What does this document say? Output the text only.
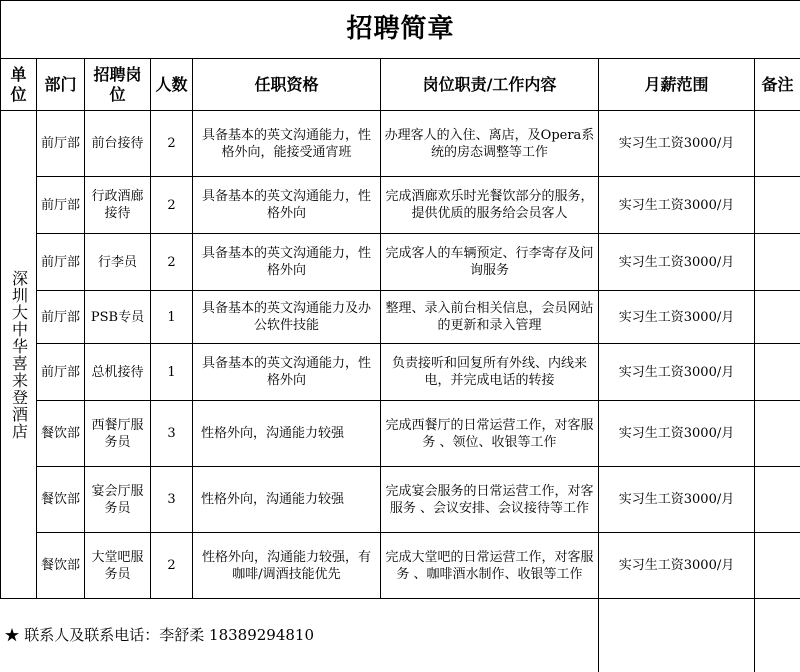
招聘简章							
单位	部门	招聘岗位	人数	任职资格	岗位职责/工作内容	月薪范围	备注
深圳大中华喜来登酒店	前厅部	前台接待	2	具备基本的英文沟通能力，性格外向，能接受通宵班	办理客人的入住、离店，及Opera系统的房态调整等工作	实习生工资3000/月	
	前厅部	行政酒廊接待	2	具备基本的英文沟通能力，性格外向	完成酒廊欢乐时光餐饮部分的服务，提供优质的服务给会员客人	实习生工资3000/月	
	前厅部	行李员	2	具备基本的英文沟通能力，性格外向	完成客人的车辆预定、行李寄存及问询服务	实习生工资3000/月	
	前厅部	PSB专员	1	具备基本的英文沟通能力及办公软件技能	整理、录入前台相关信息，会员网站的更新和录入管理	实习生工资3000/月	
	前厅部	总机接待	1	具备基本的英文沟通能力，性格外向	负责接听和回复所有外线、内线来电，并完成电话的转接	实习生工资3000/月	
	餐饮部	西餐厅服务员	3	性格外向，沟通能力较强	完成西餐厅的日常运营工作，对客服务 、领位、收银等工作	实习生工资3000/月	
	餐饮部	宴会厅服务员	3	性格外向，沟通能力较强	完成宴会服务的日常运营工作，对客服务 、会议安排、会议接待等工作	实习生工资3000/月	
	餐饮部	大堂吧服务员	2	性格外向，沟通能力较强，有咖啡/调酒技能优先	完成大堂吧的日常运营工作，对客服务 、咖啡酒水制作、收银等工作	实习生工资3000/月	
★ 联系人及联系电话：李舒柔 18389294810							
